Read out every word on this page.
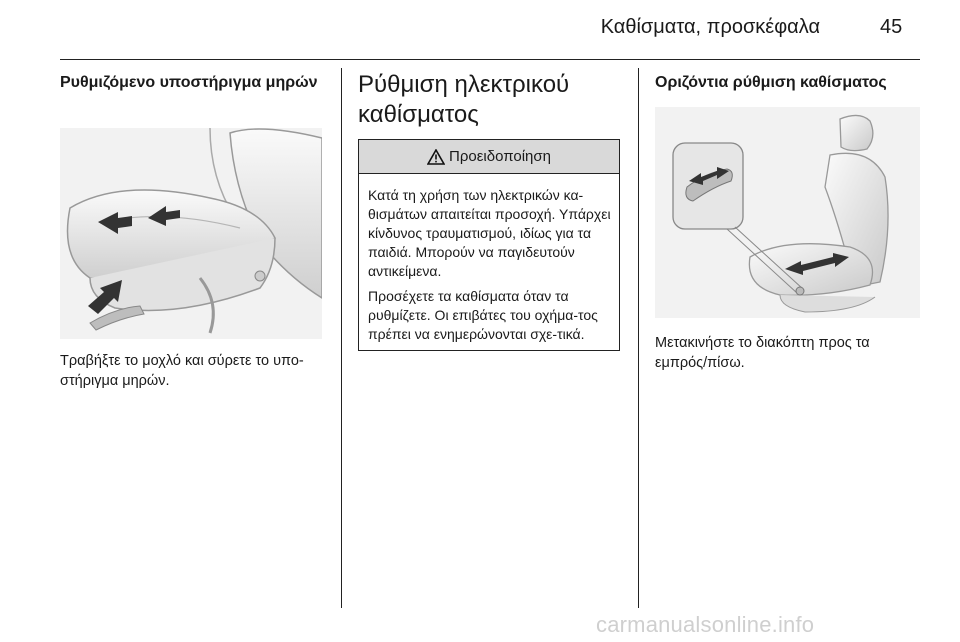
Καθίσματα, προσκέφαλα	45
Ρυθμιζόμενο υποστήριγμα μηρών

Τραβήξτε το μοχλό και σύρετε το υπο-στήριγμα μηρών.

Ρύθμιση ηλεκτρικού καθίσματος
Προειδοποίηση

Κατά τη χρήση των ηλεκτρικών κα-θισμάτων απαιτείται προσοχή. Υπάρχει κίνδυνος τραυματισμού, ιδίως για τα παιδιά. Μπορούν να παγιδευτούν αντικείμενα.

Προσέχετε τα καθίσματα όταν τα ρυθμίζετε. Οι επιβάτες του οχήμα-τος πρέπει να ενημερώνονται σχε-τικά.

Οριζόντια ρύθμιση καθίσματος

Μετακινήστε το διακόπτη προς τα εμπρός/πίσω.

carmanualsonline.info
